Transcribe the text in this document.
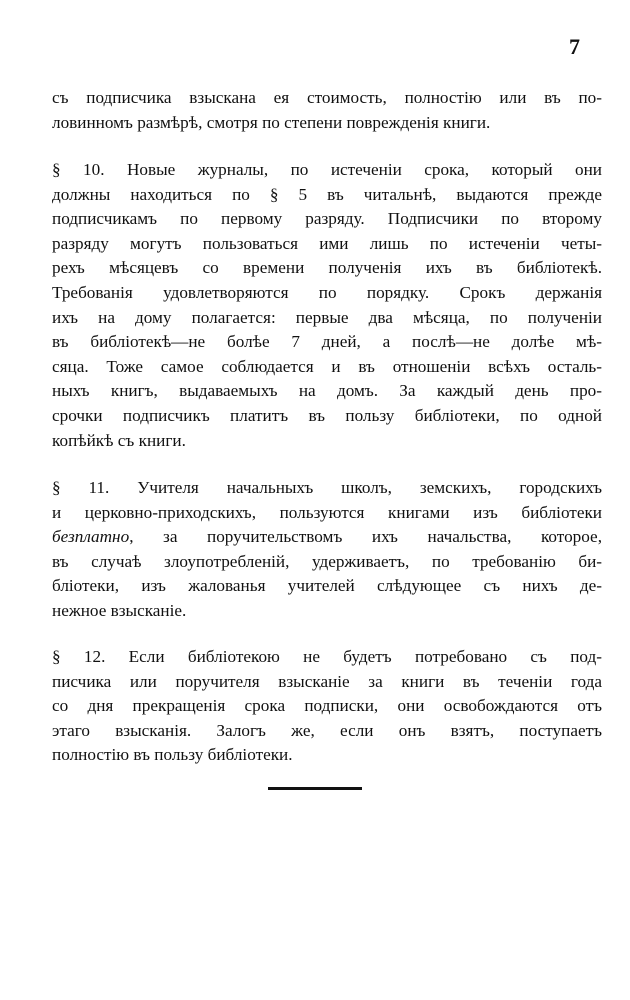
7
съ подписчика взыскана ея стоимость, полностію или въ по-
ловинномъ размѣрѣ, смотря по степени поврежденія книги.
§ 10. Новые журналы, по истеченіи срока, который они
должны находиться по § 5 въ читальнѣ, выдаются прежде
подписчикамъ по первому разряду. Подписчики по второму
разряду могутъ пользоваться ими лишь по истеченіи четы-
рехъ мѣсяцевъ со времени полученія ихъ въ библіотекѣ.
Требованія удовлетворяются по порядку. Срокъ держанія
ихъ на дому полагается: первые два мѣсяца, по полученіи
въ библіотекѣ—не болѣе 7 дней, а послѣ—не долѣе мѣ-
сяца. Тоже самое соблюдается и въ отношеніи всѣхъ осталь-
ныхъ книгъ, выдаваемыхъ на домъ. За каждый день про-
срочки подписчикъ платитъ въ пользу библіотеки, по одной
копѣйкѣ съ книги.
§ 11. Учителя начальныхъ школъ, земскихъ, городскихъ
и церковно-приходскихъ, пользуются книгами изъ библіотеки
безплатно, за поручительствомъ ихъ начальства, которое,
въ случаѣ злоупотребленій, удерживаетъ, по требованію би-
бліотеки, изъ жалованья учителей слѣдующее съ нихъ де-
нежное взысканіе.
§ 12. Если библіотекою не будетъ потребовано съ под-
писчика или поручителя взысканіе за книги въ теченіи года
со дня прекращенія срока подписки, они освобождаются отъ
этаго взысканія. Залогъ же, если онъ взятъ, поступаетъ
полностію въ пользу библіотеки.
